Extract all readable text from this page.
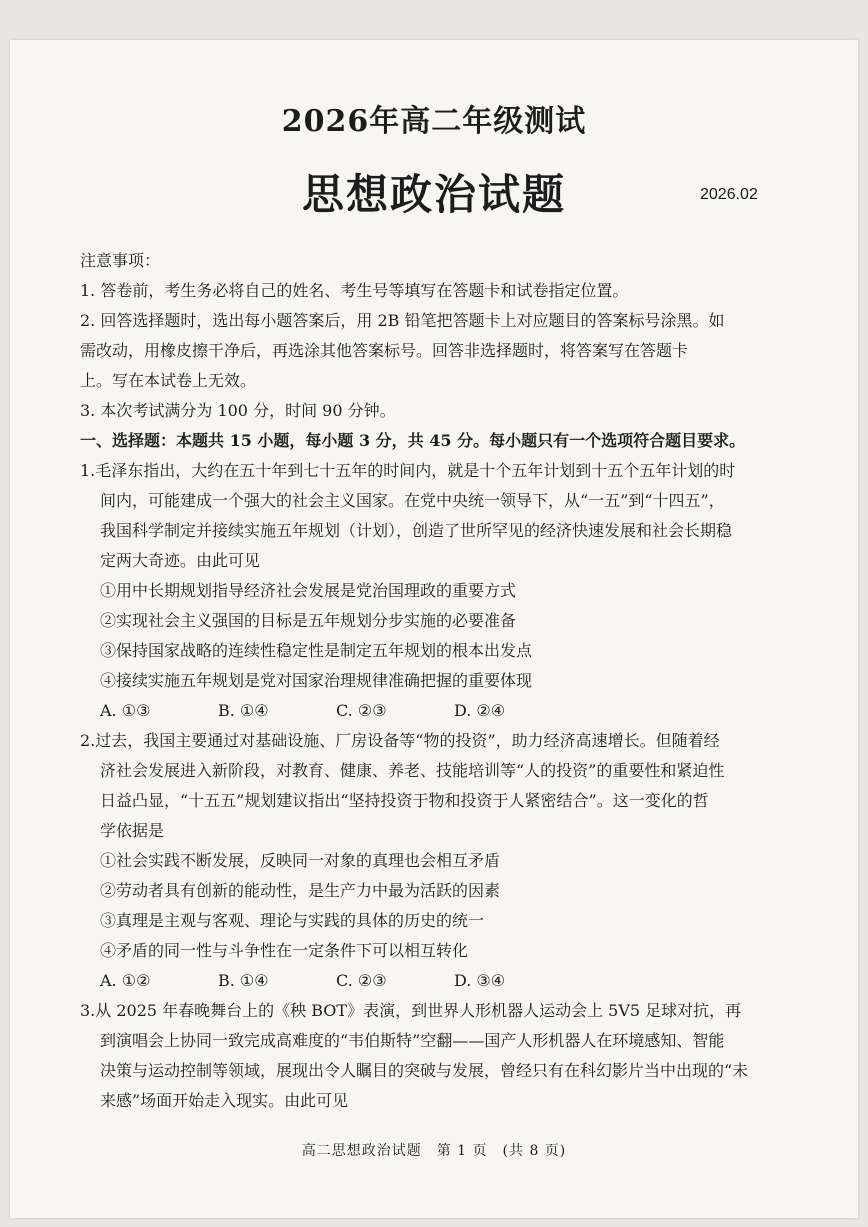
2026年高二年级测试
思想政治试题	2026.02
注意事项：
1. 答卷前，考生务必将自己的姓名、考生号等填写在答题卡和试卷指定位置。
2. 回答选择题时，选出每小题答案后，用 2B 铅笔把答题卡上对应题目的答案标号涂黑。如
需改动，用橡皮擦干净后，再选涂其他答案标号。回答非选择题时，将答案写在答题卡
上。写在本试卷上无效。
3. 本次考试满分为 100 分，时间 90 分钟。
一、选择题：本题共 15 小题，每小题 3 分，共 45 分。每小题只有一个选项符合题目要求。
1.毛泽东指出，大约在五十年到七十五年的时间内，就是十个五年计划到十五个五年计划的时
间内，可能建成一个强大的社会主义国家。在党中央统一领导下，从“一五”到“十四五”，
我国科学制定并接续实施五年规划（计划），创造了世所罕见的经济快速发展和社会长期稳
定两大奇迹。由此可见
①用中长期规划指导经济社会发展是党治国理政的重要方式
②实现社会主义强国的目标是五年规划分步实施的必要准备
③保持国家战略的连续性稳定性是制定五年规划的根本出发点
④接续实施五年规划是党对国家治理规律准确把握的重要体现
A. ①③	B. ①④	C. ②③	D. ②④
2.过去，我国主要通过对基础设施、厂房设备等“物的投资”，助力经济高速增长。但随着经
济社会发展进入新阶段，对教育、健康、养老、技能培训等“人的投资”的重要性和紧迫性
日益凸显，“十五五”规划建议指出“坚持投资于物和投资于人紧密结合”。这一变化的哲
学依据是
①社会实践不断发展，反映同一对象的真理也会相互矛盾
②劳动者具有创新的能动性，是生产力中最为活跃的因素
③真理是主观与客观、理论与实践的具体的历史的统一
④矛盾的同一性与斗争性在一定条件下可以相互转化
A. ①②	B. ①④	C. ②③	D. ③④
3.从 2025 年春晚舞台上的《秧 BOT》表演，到世界人形机器人运动会上 5V5 足球对抗，再
到演唱会上协同一致完成高难度的“韦伯斯特”空翻——国产人形机器人在环境感知、智能
决策与运动控制等领域，展现出令人瞩目的突破与发展，曾经只有在科幻影片当中出现的“未
来感”场面开始走入现实。由此可见
高二思想政治试题　第 1 页　(共 8 页)
